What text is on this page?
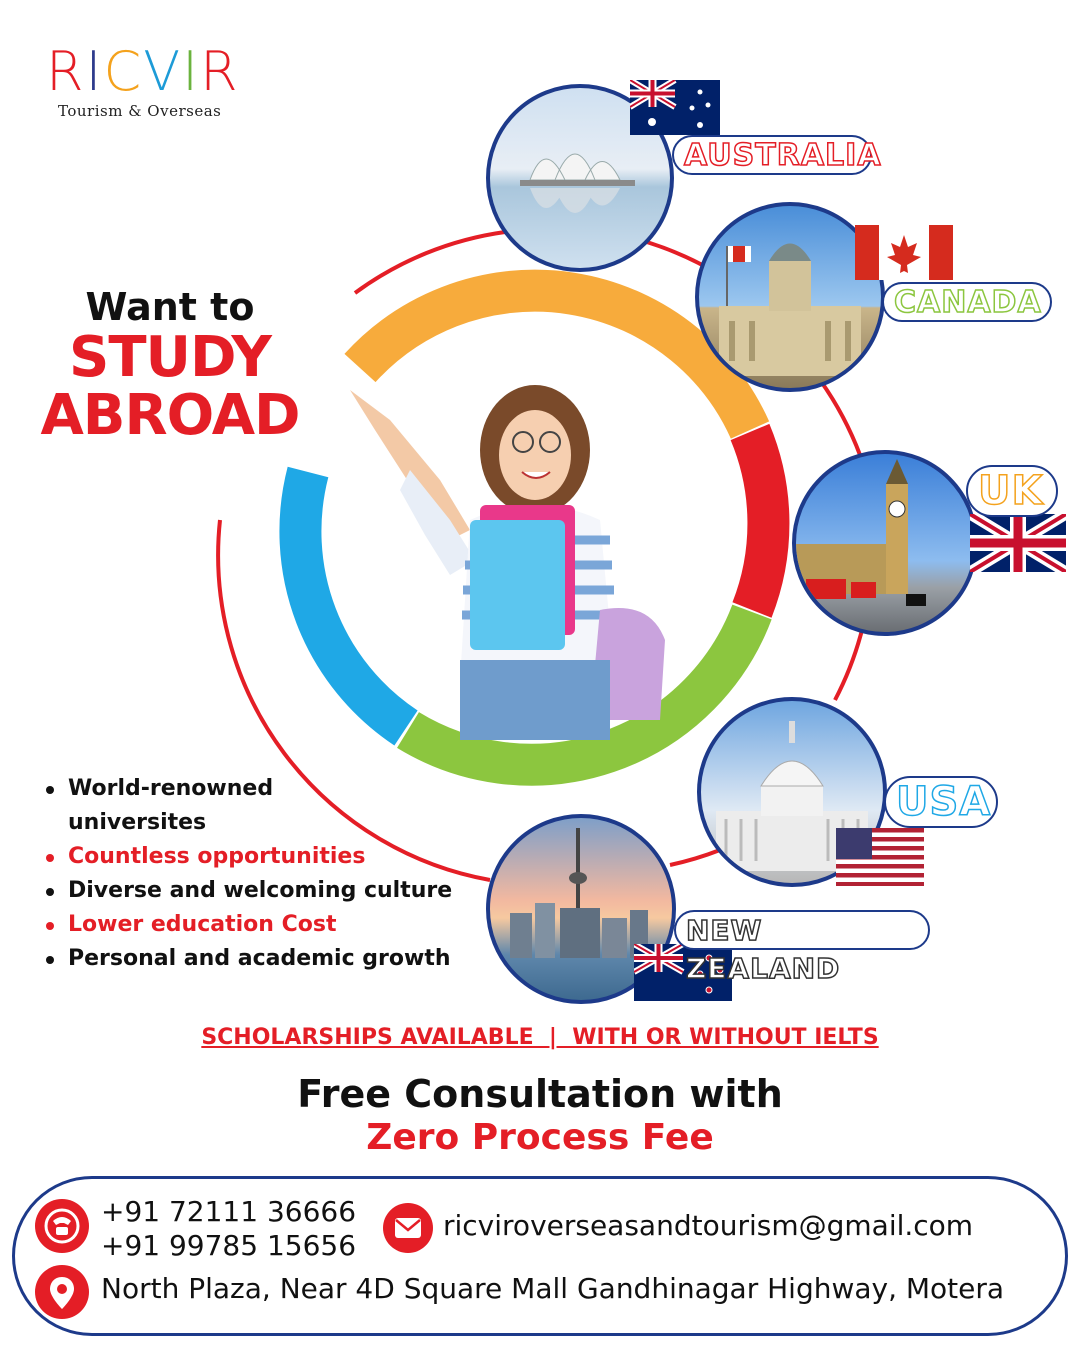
RICVIR
Tourism & Overseas
Want to
STUDY
ABROAD
AUSTRALIA
CANADA
UK
USA
NEW ZEALAND
World-renowned universites
Countless opportunities
Diverse and welcoming culture
Lower education Cost
Personal and academic growth
SCHOLARSHIPS AVAILABLE  |  WITH OR WITHOUT IELTS
Free Consultation with
Zero Process Fee
+91 72111 36666
+91 99785 15656
ricviroverseasandtourism@gmail.com
North Plaza, Near 4D Square Mall Gandhinagar Highway, Motera
